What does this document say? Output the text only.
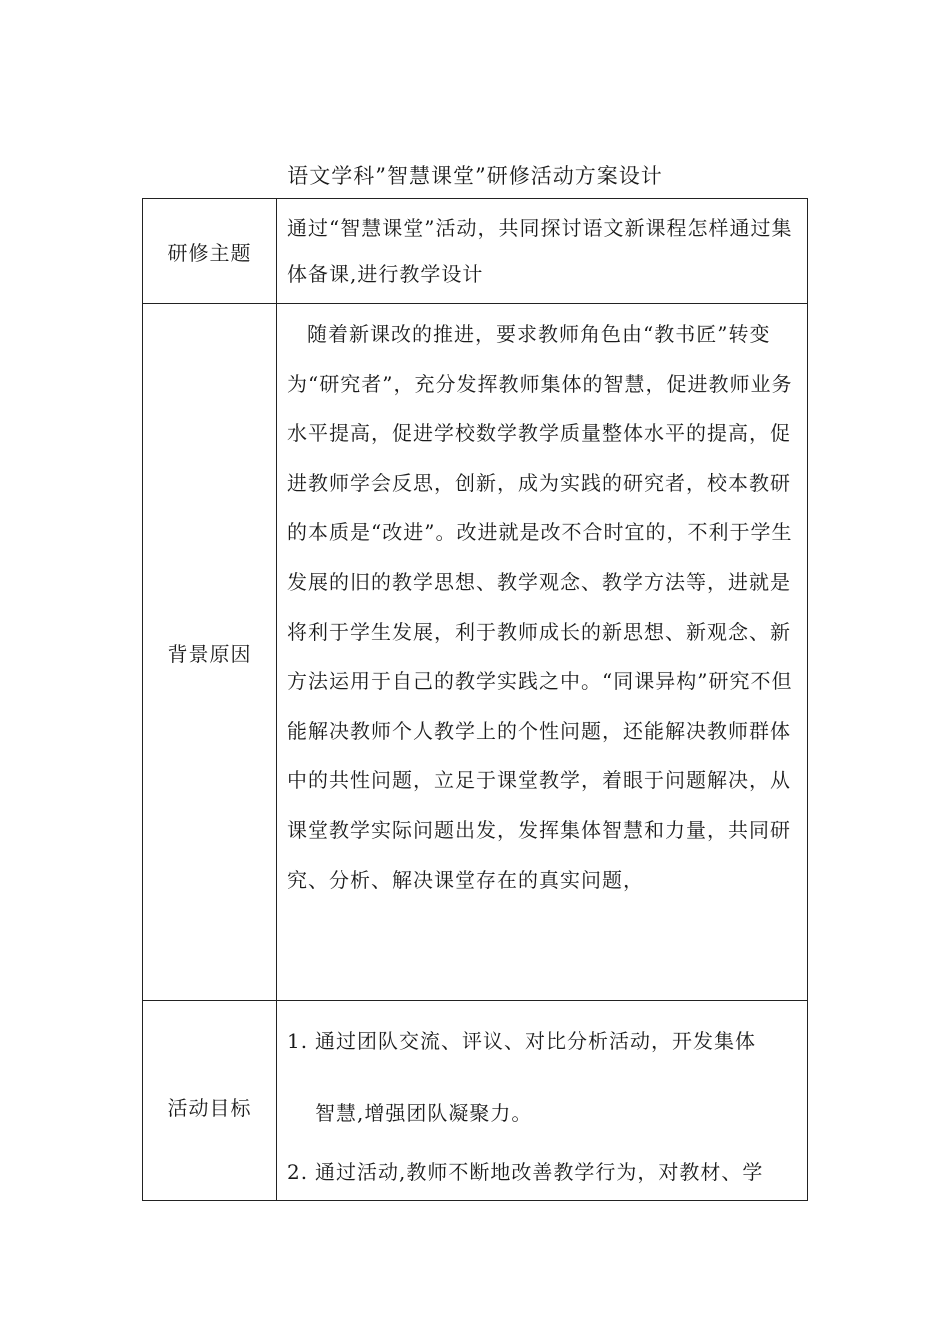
语文学科”智慧课堂”研修活动方案设计
研修主题	通过“智慧课堂”活动，共同探讨语文新课程怎样通过集体备课,进行教学设计

背景原因	随着新课改的推进，要求教师角色由“教书匠”转变为“研究者”，充分发挥教师集体的智慧，促进教师业务水平提高，促进学校数学教学质量整体水平的提高，促进教师学会反思，创新，成为实践的研究者，校本教研的本质是“改进”。改进就是改不合时宜的，不利于学生发展的旧的教学思想、教学观念、教学方法等，进就是将利于学生发展，利于教师成长的新思想、新观念、新方法运用于自己的教学实践之中。“同课异构”研究不但能解决教师个人教学上的个性问题，还能解决教师群体中的共性问题，立足于课堂教学，着眼于问题解决，从课堂教学实际问题出发，发挥集体智慧和力量，共同研究、分析、解决课堂存在的真实问题，

活动目标	1. 通过团队交流、评议、对比分析活动，开发集体
智慧,增强团队凝聚力。
2. 通过活动,教师不断地改善教学行为，对教材、学
